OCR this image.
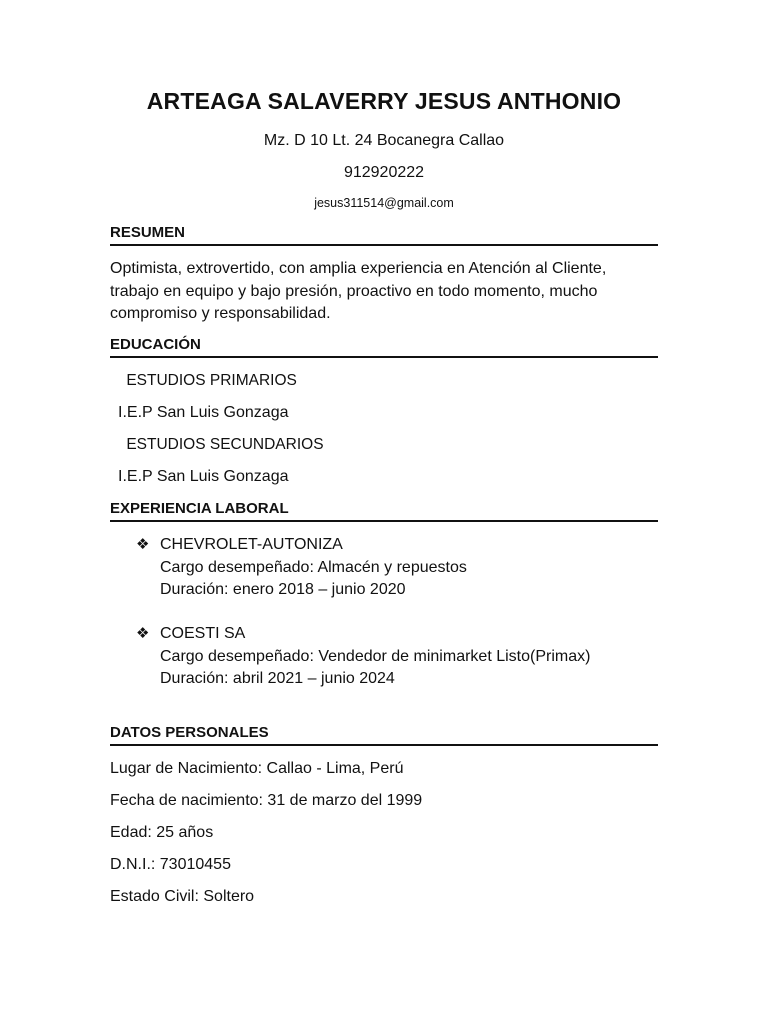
ARTEAGA SALAVERRY JESUS ANTHONIO
Mz. D 10 Lt. 24 Bocanegra Callao
912920222
jesus311514@gmail.com
RESUMEN
Optimista, extrovertido, con amplia experiencia en Atención al Cliente,
trabajo en equipo y bajo presión, proactivo en todo momento, mucho
compromiso y responsabilidad.
EDUCACIÓN
ESTUDIOS PRIMARIOS
I.E.P San Luis Gonzaga
ESTUDIOS SECUNDARIOS
I.E.P San Luis Gonzaga
EXPERIENCIA LABORAL
❖ CHEVROLET-AUTONIZA
Cargo desempeñado: Almacén y repuestos
Duración: enero 2018 – junio 2020
❖ COESTI SA
Cargo desempeñado: Vendedor de minimarket Listo(Primax)
Duración: abril 2021 – junio 2024
DATOS PERSONALES
Lugar de Nacimiento: Callao - Lima, Perú
Fecha de nacimiento: 31 de marzo del 1999
Edad: 25 años
D.N.I.: 73010455
Estado Civil: Soltero
